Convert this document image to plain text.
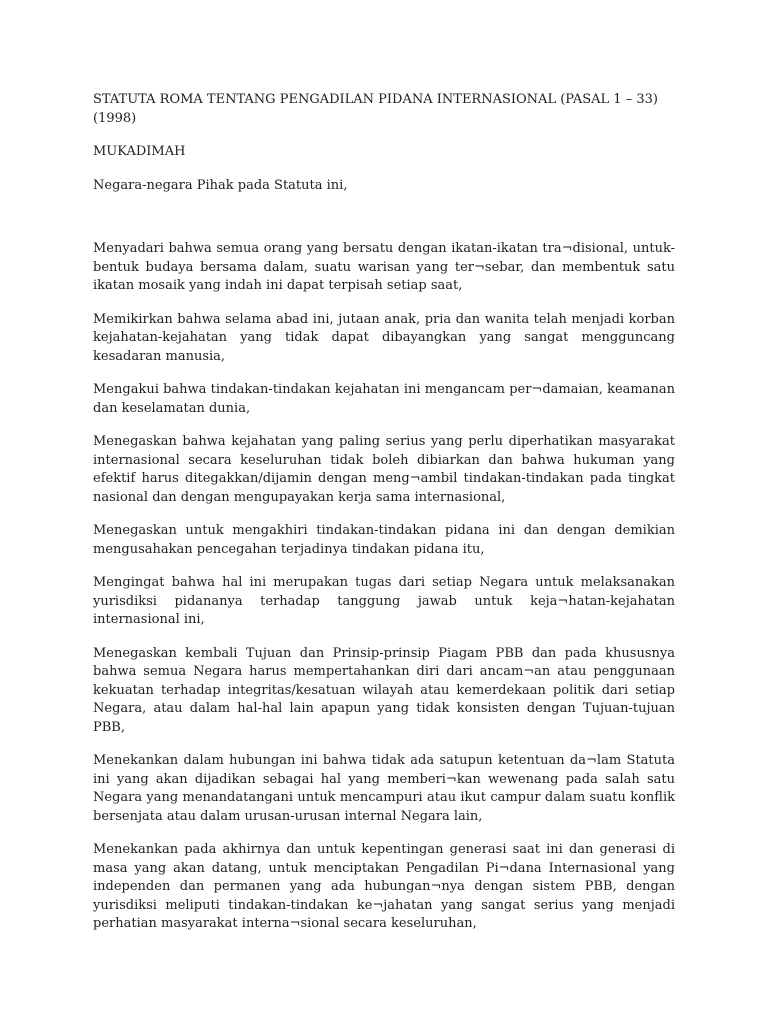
STATUTA ROMA TENTANG PENGADILAN PIDANA INTERNASIONAL (PASAL 1 – 33) (1998)

MUKADIMAH

Negara-negara Pihak pada Statuta ini,

Menyadari bahwa semua orang yang bersatu dengan ikatan-ikatan tra¬disional, untuk-bentuk budaya bersama dalam, suatu warisan yang ter¬sebar, dan membentuk satu ikatan mosaik yang indah ini dapat terpisah setiap saat,

Memikirkan bahwa selama abad ini, jutaan anak, pria dan wanita telah menjadi korban kejahatan-kejahatan yang tidak dapat dibayangkan yang sangat mengguncang kesadaran manusia,

Mengakui bahwa tindakan-tindakan kejahatan ini mengancam per¬damaian, keamanan dan keselamatan dunia,

Menegaskan bahwa kejahatan yang paling serius yang perlu diperhatikan masyarakat internasional secara keseluruhan tidak boleh dibiarkan dan bahwa hukuman yang efektif harus ditegakkan/dijamin dengan meng¬ambil tindakan-tindakan pada tingkat nasional dan dengan mengupayakan kerja sama internasional,

Menegaskan untuk mengakhiri tindakan-tindakan pidana ini dan dengan demikian mengusahakan pencegahan terjadinya tindakan pidana itu,

Mengingat bahwa hal ini merupakan tugas dari setiap Negara untuk melaksanakan yurisdiksi pidananya terhadap tanggung jawab untuk keja¬hatan-kejahatan internasional ini,

Menegaskan kembali Tujuan dan Prinsip-prinsip Piagam PBB dan pada khususnya bahwa semua Negara harus mempertahankan diri dari ancam¬an atau penggunaan kekuatan terhadap integritas/kesatuan wilayah atau kemerdekaan politik dari setiap Negara, atau dalam hal-hal lain apapun yang tidak konsisten dengan Tujuan-tujuan PBB,

Menekankan dalam hubungan ini bahwa tidak ada satupun ketentuan da¬lam Statuta ini yang akan dijadikan sebagai hal yang memberi¬kan wewenang pada salah satu Negara yang menandatangani untuk mencampuri atau ikut campur dalam suatu konflik bersenjata atau dalam urusan-urusan internal Negara lain,

Menekankan pada akhirnya dan untuk kepentingan generasi saat ini dan generasi di masa yang akan datang, untuk menciptakan Pengadilan Pi¬dana Internasional yang independen dan permanen yang ada hubungan¬nya dengan sistem PBB, dengan yurisdiksi meliputi tindakan-tindakan ke¬jahatan yang sangat serius yang menjadi perhatian masyarakat interna¬sional secara keseluruhan,
